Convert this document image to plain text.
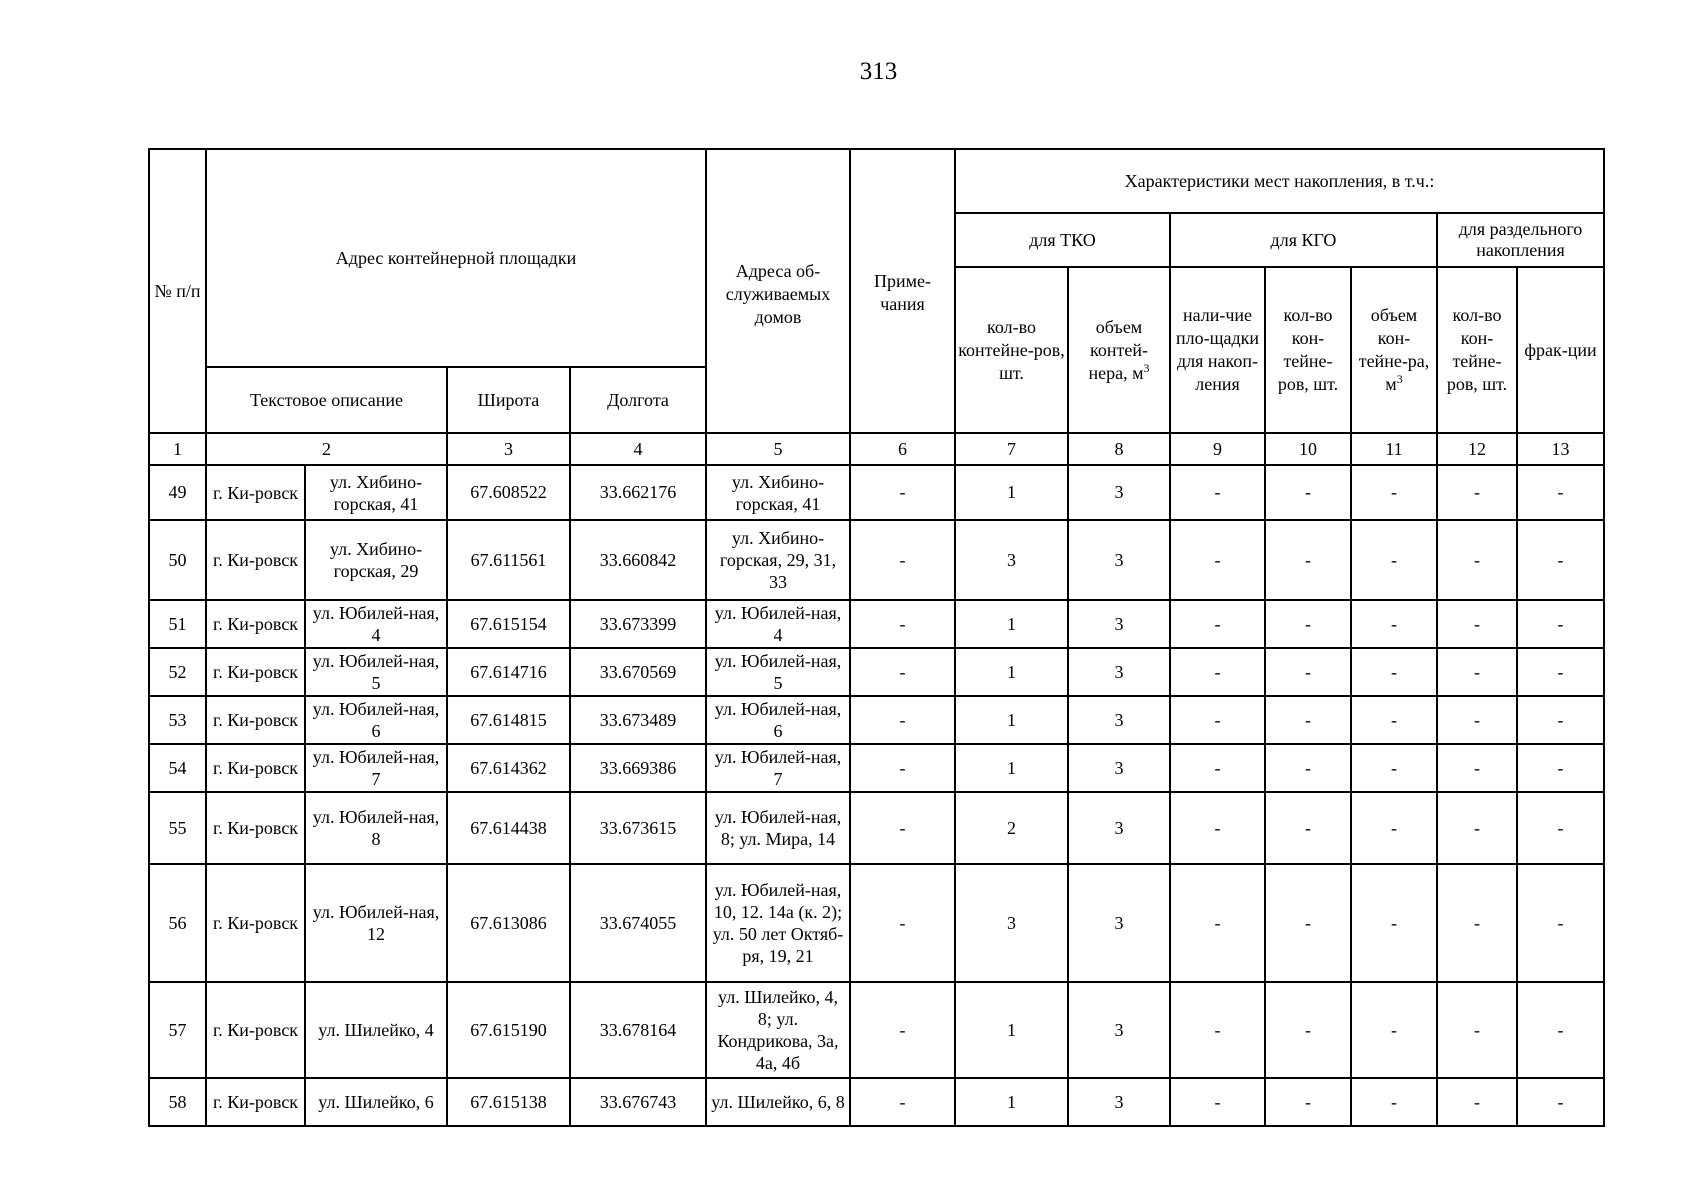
313
№ п/п	Адрес контейнерной площадки				Адреса об-служиваемых домов	Приме-чания	Характеристики мест накопления, в т.ч.:						
							для ТКО		для КГО			для раздельного накопления	
							кол-во контейне-ров, шт.	объем контей-нера, $м^3$	нали-чие пло-щадки для накоп-ления	кол-во кон-тейне-ров, шт.	объем кон-тейне-ра, $м^3$	кол-во кон-тейне-ров, шт.	фрак-ции
	Текстовое описание		Широта	Долгота									
1	2		3	4	5	6	7	8	9	10	11	12	13
49	г. Ки-ровск	ул. Хибино-горская, 41	67.608522	33.662176	ул. Хибино-горская, 41	-	1	3	-	-	-	-	-
50	г. Ки-ровск	ул. Хибино-горская, 29	67.611561	33.660842	ул. Хибино-горская, 29, 31, 33	-	3	3	-	-	-	-	-
51	г. Ки-ровск	ул. Юбилей-ная, 4	67.615154	33.673399	ул. Юбилей-ная, 4	-	1	3	-	-	-	-	-
52	г. Ки-ровск	ул. Юбилей-ная, 5	67.614716	33.670569	ул. Юбилей-ная, 5	-	1	3	-	-	-	-	-
53	г. Ки-ровск	ул. Юбилей-ная, 6	67.614815	33.673489	ул. Юбилей-ная, 6	-	1	3	-	-	-	-	-
54	г. Ки-ровск	ул. Юбилей-ная, 7	67.614362	33.669386	ул. Юбилей-ная, 7	-	1	3	-	-	-	-	-
55	г. Ки-ровск	ул. Юбилей-ная, 8	67.614438	33.673615	ул. Юбилей-ная, 8; ул. Мира, 14	-	2	3	-	-	-	-	-
56	г. Ки-ровск	ул. Юбилей-ная, 12	67.613086	33.674055	ул. Юбилей-ная, 10, 12. 14а (к. 2); ул. 50 лет Октяб-ря, 19, 21	-	3	3	-	-	-	-	-
57	г. Ки-ровск	ул. Шилейко, 4	67.615190	33.678164	ул. Шилейко, 4, 8; ул. Кондрикова, 3а, 4а, 4б	-	1	3	-	-	-	-	-
58	г. Ки-ровск	ул. Шилейко, 6	67.615138	33.676743	ул. Шилейко, 6, 8	-	1	3	-	-	-	-	-
